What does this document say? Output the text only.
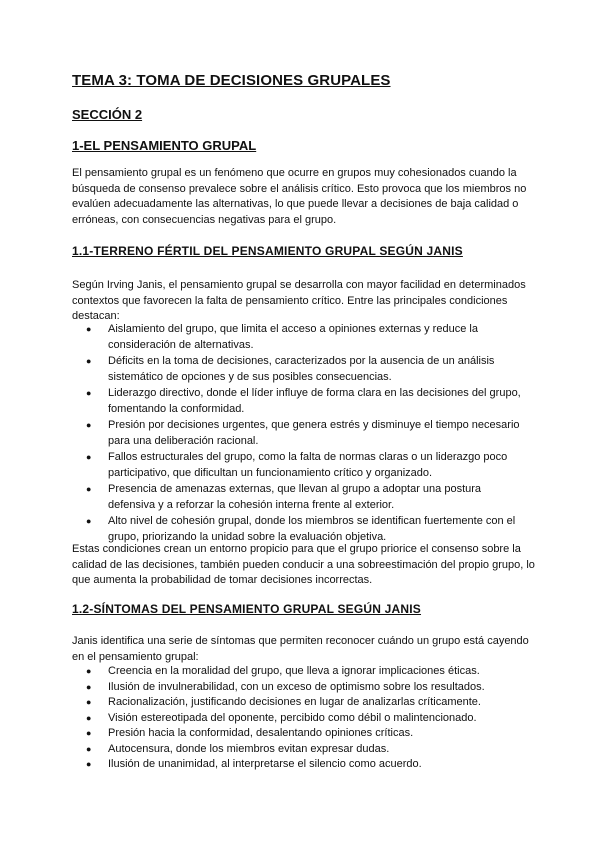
TEMA 3: TOMA DE DECISIONES GRUPALES
SECCIÓN 2
1-EL PENSAMIENTO GRUPAL

El pensamiento grupal es un fenómeno que ocurre en grupos muy cohesionados cuando la búsqueda de consenso prevalece sobre el análisis crítico. Esto provoca que los miembros no evalúen adecuadamente las alternativas, lo que puede llevar a decisiones de baja calidad o erróneas, con consecuencias negativas para el grupo.

1.1-TERRENO FÉRTIL DEL PENSAMIENTO GRUPAL SEGÚN JANIS

Según Irving Janis, el pensamiento grupal se desarrolla con mayor facilidad en determinados contextos que favorecen la falta de pensamiento crítico. Entre las principales condiciones destacan:

● Aislamiento del grupo, que limita el acceso a opiniones externas y reduce la consideración de alternativas.
● Déficits en la toma de decisiones, caracterizados por la ausencia de un análisis sistemático de opciones y de sus posibles consecuencias.
● Liderazgo directivo, donde el líder influye de forma clara en las decisiones del grupo, fomentando la conformidad.
● Presión por decisiones urgentes, que genera estrés y disminuye el tiempo necesario para una deliberación racional.
● Fallos estructurales del grupo, como la falta de normas claras o un liderazgo poco participativo, que dificultan un funcionamiento crítico y organizado.
● Presencia de amenazas externas, que llevan al grupo a adoptar una postura defensiva y a reforzar la cohesión interna frente al exterior.
● Alto nivel de cohesión grupal, donde los miembros se identifican fuertemente con el grupo, priorizando la unidad sobre la evaluación objetiva.

Estas condiciones crean un entorno propicio para que el grupo priorice el consenso sobre la calidad de las decisiones, también pueden conducir a una sobreestimación del propio grupo, lo que aumenta la probabilidad de tomar decisiones incorrectas.

1.2-SÍNTOMAS DEL PENSAMIENTO GRUPAL SEGÚN JANIS

Janis identifica una serie de síntomas que permiten reconocer cuándo un grupo está cayendo en el pensamiento grupal:

● Creencia en la moralidad del grupo, que lleva a ignorar implicaciones éticas.
● Ilusión de invulnerabilidad, con un exceso de optimismo sobre los resultados.
● Racionalización, justificando decisiones en lugar de analizarlas críticamente.
● Visión estereotipada del oponente, percibido como débil o malintencionado.
● Presión hacia la conformidad, desalentando opiniones críticas.
● Autocensura, donde los miembros evitan expresar dudas.
● Ilusión de unanimidad, al interpretarse el silencio como acuerdo.
